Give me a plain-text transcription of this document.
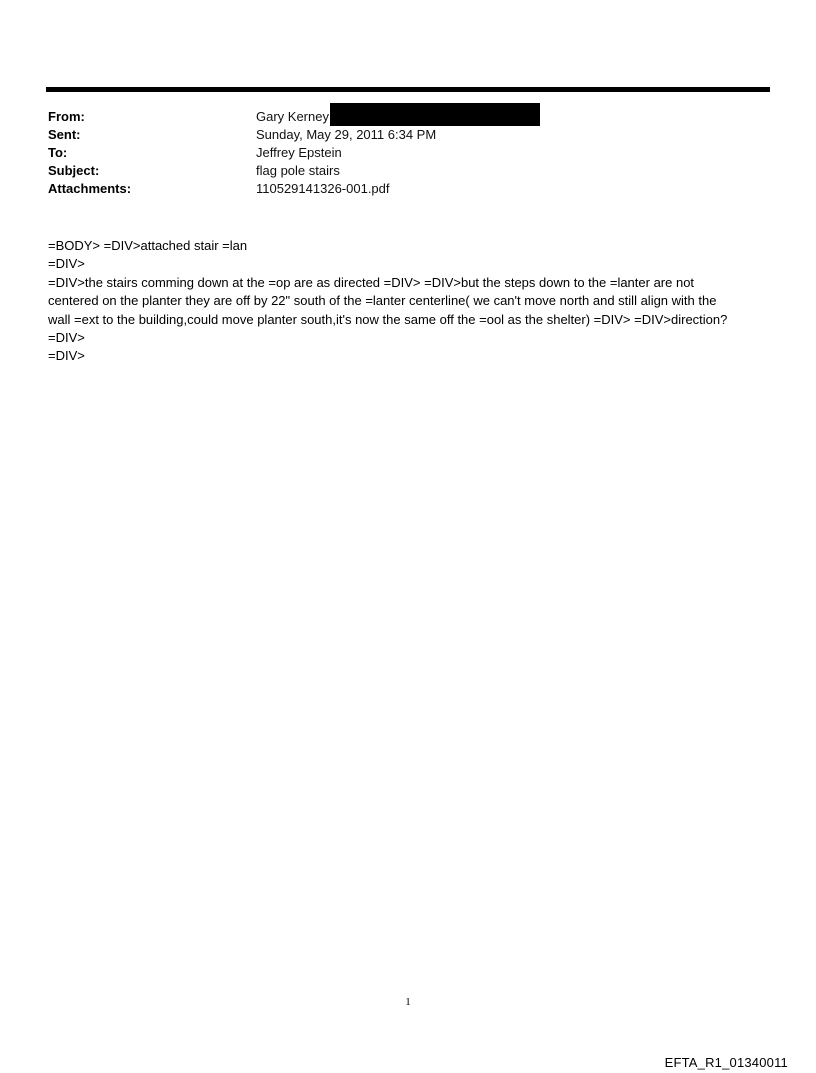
From:	Gary Kerney
Sent:	Sunday, May 29, 2011 6:34 PM
To:	Jeffrey Epstein
Subject:	flag pole stairs
Attachments:	110529141326-001.pdf
=BODY> =DIV>attached stair =lan
=DIV>
=DIV>the stairs comming down at the =op are as directed =DIV> =DIV>but the steps down to the =lanter are not
centered on the planter they are off by 22" south of the =lanter centerline( we can't move north and still align with the
wall =ext to the building,could move planter south,it's now the same off the =ool as the shelter) =DIV> =DIV>direction?
=DIV>
=DIV>
1
EFTA_R1_01340011
